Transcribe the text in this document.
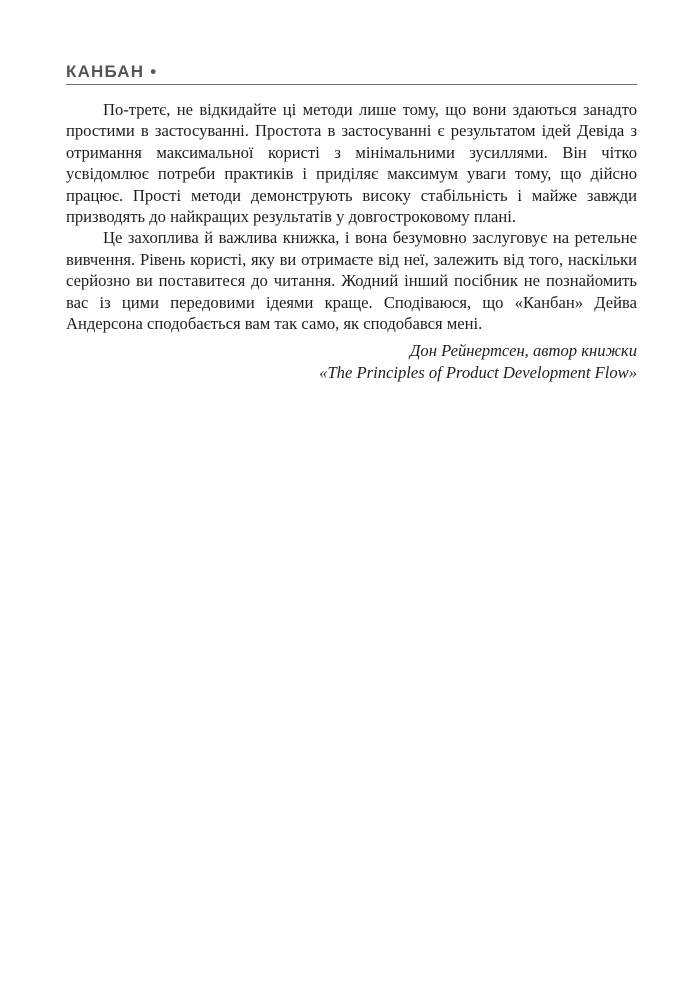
КАНБАН •

По-третє, не відкидайте ці методи лише тому, що вони здаються занадто простими в застосуванні. Простота в застосуванні є результатом ідей Девіда з отримання максимальної користі з мінімальними зусиллями. Він чітко усвідомлює потреби практиків і приділяє максимум уваги тому, що дійсно працює. Прості методи демонструють високу стабільність і майже завжди призводять до найкращих результатів у довгостроковому плані.

Це захоплива й важлива книжка, і вона безумовно заслуговує на ретельне вивчення. Рівень користі, яку ви отримаєте від неї, залежить від того, наскільки серйозно ви поставитеся до читання. Жодний інший посібник не познайомить вас із цими передовими ідеями краще. Сподіваюся, що «Канбан» Дейва Андерсона сподобається вам так само, як сподобався мені.

Дон Рейнертсен, автор книжки
«The Principles of Product Development Flow»
